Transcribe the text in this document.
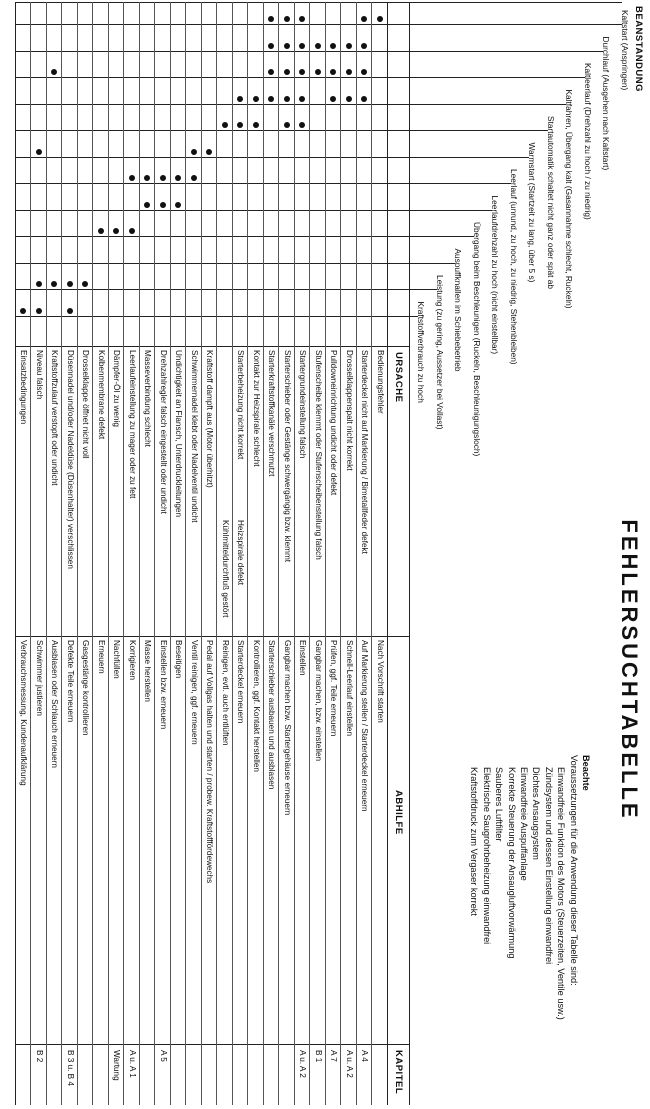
FEHLERSUCHTABELLE
BEANSTANDUNG
Kaltstart (Anspringen)
Durchlauf (Ausgehen nach Kaltstart)
Kaltleerlauf (Drehzahl zu hoch / zu niedrig)
Kaltfahren, Übergang kalt (Gasannahme schlecht, Ruckeln)
Startautomatik schaltet nicht ganz oder spät ab
Warmstart (Startzeit zu lang, über 5 s)
Leerlauf (unrund, zu hoch, zu niedrig, Stehenbleiben)
Leerlaufdrehzahl zu hoch (nicht einstellbar)
Übergang beim Beschleunigen (Ruckeln, Beschleunigungsloch)
Auspuffknallen im Schiebebetrieb
Leistung (zu gering, Aussetzer bei Vollast)
Kraftstoffverbrauch zu hoch
Beachte
Voraussetzungen für die Anwendung dieser Tabelle sind:
Einwandfreie Funktion des Motors (Steuerzeiten, Ventile usw.)
Zündsystem und dessen Einstellung einwandfrei
Dichtes Ansaugsystem
Einwandfreie Auspuffanlage
Korrekte Steuerung der Ansaugluftvorwärmung
Sauberes Luftfilter
Elektrische Saugrohrbeheizung einwandfrei
Kraftstoffdruck zum Vergaser korrekt
URSACHE
ABHILFE
KAPITEL
Bedienungsfehler
Nach Vorschrift starten
Starterdeckel nicht auf Markierung / Bimetallfeder defekt
Auf Markierung stellen / Starterdeckel erneuern
A 4
Drosselklappenspalt nicht korrekt
Schnell-Leerlauf einstellen
A u. A 2
Pulldowneinrichtung undicht oder defekt
Prüfen, ggf. Teile erneuern
A 7
Stufenscheibe klemmt oder Stufenscheibenstellung falsch
Gangbar machen, bzw. einstellen
B 1
Startergrundeinstellung falsch
Einstellen
A u. A 2
Starterschieber oder Gestänge schwergängig bzw. klemmt
Gangbar machen bzw. Startergehäuse erneuern
Starterkraftstoffkanäle verschmutzt
Starterschieber ausbauen und ausblasen
Kontakt zur Heizspirale schlecht
Kontrollieren, ggf. Kontakt herstellen
Starterbeheizung nicht korrekt
Heizspirale defekt
Starterdeckel erneuern
Kühlmitteldurchfluß gestört
Reinigen, evtl. auch entlüften
Kraftstoff dampft aus (Motor überhitzt)
Pedal auf Vollgas halten und starten / probew. Kraftstofffördewechs
Schwimmernadel klebt oder Nadelventil undicht
Ventil reinigen, ggf. erneuern
Undichtigkeit an Flansch, Unterdruckleitungen
Beseitigen
Drehzahlregler falsch eingestellt oder undicht
Einstellen bzw. erneuern
A 5
Masseverbindung schlecht
Masse herstellen
Leerlaufeinstellung zu mager oder zu fett
Korrigieren
A u. A 1
Dämpfer-Öl zu wenig
Nachfüllen
Wartung
Kolbenmembrane defekt
Erneuern
Drosselklappe öffnet nicht voll
Gasgestänge kontrollieren
Düsennadel und/oder Nadeldüse (Düsenhalter) verschlissen
Defekte Teile erneuern
B 3 u. B 4
Kraftstoffzulauf verstopft oder undicht
Ausblasen oder Schlauch erneuern
Niveau falsch
Schwimmer justieren
B 2
Einsatzbedingungen
Verbrauchsmessung, Kundenaufklärung
